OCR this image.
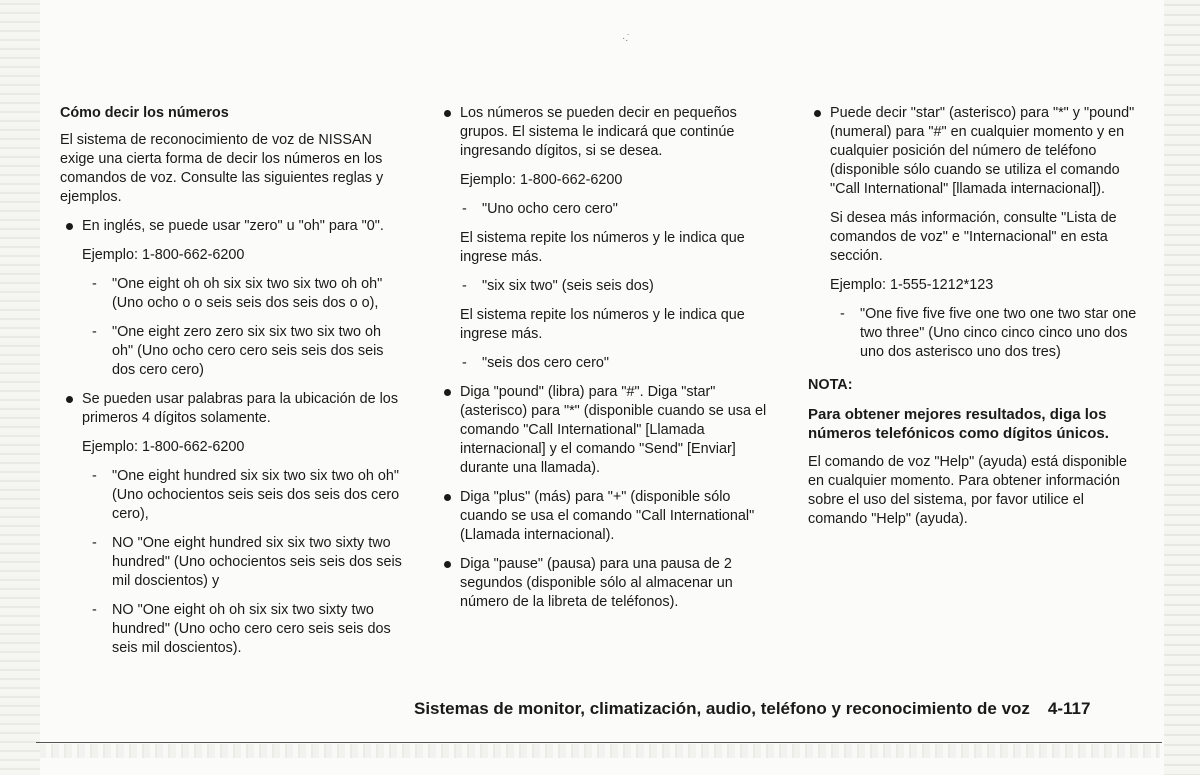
·.̇
Cómo decir los números

El sistema de reconocimiento de voz de NISSAN exige una cierta forma de decir los números en los comandos de voz. Consulte las siguientes reglas y ejemplos.

En inglés, se puede usar "zero" u "oh" para "0".
Ejemplo: 1-800-662-6200
- "One eight oh oh six six two six two oh oh" (Uno ocho o o seis seis dos seis dos o o),
- "One eight zero zero six six two six two oh oh" (Uno ocho cero cero seis seis dos seis dos cero cero)
Se pueden usar palabras para la ubicación de los primeros 4 dígitos solamente.
Ejemplo: 1-800-662-6200
- "One eight hundred six six two six two oh oh" (Uno ochocientos seis seis dos seis dos cero cero),
- NO "One eight hundred six six two sixty two hundred" (Uno ochocientos seis seis dos seis mil doscientos) y
- NO "One eight oh oh six six two sixty two hundred" (Uno ocho cero cero seis seis dos seis mil doscientos).
Los números se pueden decir en pequeños grupos. El sistema le indicará que continúe ingresando dígitos, si se desea.
Ejemplo: 1-800-662-6200
- "Uno ocho cero cero"

El sistema repite los números y le indica que ingrese más.

- "six six two" (seis seis dos)

El sistema repite los números y le indica que ingrese más.

- "seis dos cero cero"
Diga "pound" (libra) para "#". Diga "star" (asterisco) para "*" (disponible cuando se usa el comando "Call International" [Llamada internacional] y el comando "Send" [Enviar] durante una llamada).
Diga "plus" (más) para "+" (disponible sólo cuando se usa el comando "Call International" (Llamada internacional).
Diga "pause" (pausa) para una pausa de 2 segundos (disponible sólo al almacenar un número de la libreta de teléfonos).
Puede decir "star" (asterisco) para "*" y "pound" (numeral) para "#" en cualquier momento y en cualquier posición del número de teléfono (disponible sólo cuando se utiliza el comando "Call International" [llamada internacional]).

Si desea más información, consulte "Lista de comandos de voz" e "Internacional" en esta sección.

Ejemplo: 1-555-1212*123
- "One five five five one two one two star one two three" (Uno cinco cinco cinco uno dos uno dos asterisco uno dos tres)
NOTA:

Para obtener mejores resultados, diga los números telefónicos como dígitos únicos.

El comando de voz "Help" (ayuda) está disponible en cualquier momento. Para obtener información sobre el uso del sistema, por favor utilice el comando "Help" (ayuda).

Sistemas de monitor, climatización, audio, teléfono y reconocimiento de voz 4-117
